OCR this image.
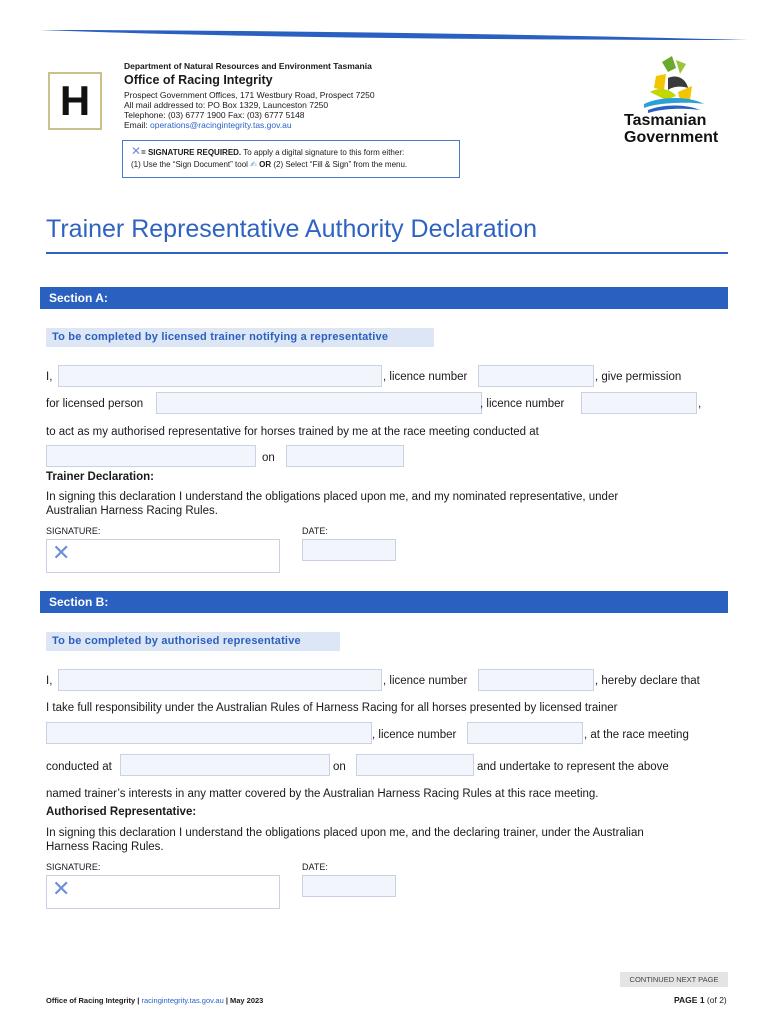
H
Department of Natural Resources and Environment Tasmania
Office of Racing Integrity
Prospect Government Offices, 171 Westbury Road, Prospect 7250
All mail addressed to: PO Box 1329, Launceston 7250
Telephone: (03) 6777 1900 Fax: (03) 6777 5148
Email: operations@racingintegrity.tas.gov.au
✕= SIGNATURE REQUIRED. To apply a digital signature to this form either:
(1) Use the “Sign Document” tool ✍ OR (2) Select “Fill & Sign” from the menu.
Tasmanian
Government
Trainer Representative Authority Declaration
Section A:
To be completed by licensed trainer notifying a representative
I,	, licence number	, give permission
for licensed person	, licence number	,
to act as my authorised representative for horses trained by me at the race meeting conducted at
on
Trainer Declaration:
In signing this declaration I understand the obligations placed upon me, and my nominated representative, under
Australian Harness Racing Rules.
SIGNATURE:	DATE:
✕
Section B:
To be completed by authorised representative
I,	, licence number	, hereby declare that
I take full responsibility under the Australian Rules of Harness Racing for all horses presented by licensed trainer
, licence number	, at the race meeting
conducted at	on	and undertake to represent the above
named trainer’s interests in any matter covered by the Australian Harness Racing Rules at this race meeting.
Authorised Representative:
In signing this declaration I understand the obligations placed upon me, and the declaring trainer, under the Australian
Harness Racing Rules.
SIGNATURE:	DATE:
✕
CONTINUED NEXT PAGE
Office of Racing Integrity | racingintegrity.tas.gov.au | May 2023	PAGE 1 (of 2)
